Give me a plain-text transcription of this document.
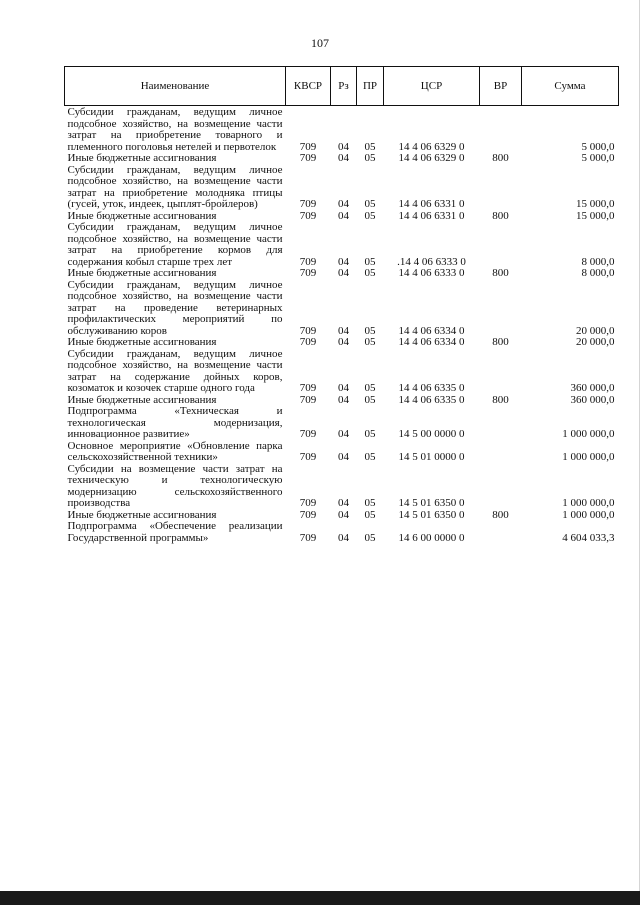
107
Наименование	КВСР	Рз	ПР	ЦСР	ВР	Сумма
Субсидии гражданам, ведущим личное подсобное хозяйство, на возмещение части затрат на приобретение товарного и племенного поголовья нетелей и первотелок	709	04	05	14 4 06 6329 0		5 000,0
Иные бюджетные ассигнования	709	04	05	14 4 06 6329 0	800	5 000,0
Субсидии гражданам, ведущим личное подсобное хозяйство, на возмещение части затрат на приобретение молодняка птицы (гусей, уток, индеек, цыплят-бройлеров)	709	04	05	14 4 06 6331 0		15 000,0
Иные бюджетные ассигнования	709	04	05	14 4 06 6331 0	800	15 000,0
Субсидии гражданам, ведущим личное подсобное хозяйство, на возмещение части затрат на приобретение кормов для содержания кобыл старше трех лет	709	04	05	.14 4 06 6333 0		8 000,0
Иные бюджетные ассигнования	709	04	05	14 4 06 6333 0	800	8 000,0
Субсидии гражданам, ведущим личное подсобное хозяйство, на возмещение части затрат на проведение ветеринарных профилактических мероприятий по обслуживанию коров	709	04	05	14 4 06 6334 0		20 000,0
Иные бюджетные ассигнования	709	04	05	14 4 06 6334 0	800	20 000,0
Субсидии гражданам, ведущим личное подсобное хозяйство, на возмещение части затрат на содержание дойных коров, козоматок и козочек старше одного года	709	04	05	14 4 06 6335 0		360 000,0
Иные бюджетные ассигнования	709	04	05	14 4 06 6335 0	800	360 000,0
Подпрограмма «Техническая и технологическая модернизация, инновационное развитие»	709	04	05	14 5 00 0000 0		1 000 000,0
Основное мероприятие «Обновление парка сельскохозяйственной техники»	709	04	05	14 5 01 0000 0		1 000 000,0
Субсидии на возмещение части затрат на техническую и технологическую модернизацию сельскохозяйственного производства	709	04	05	14 5 01 6350 0		1 000 000,0
Иные бюджетные ассигнования	709	04	05	14 5 01 6350 0	800	1 000 000,0
Подпрограмма «Обеспечение реализации Государственной программы»	709	04	05	14 6 00 0000 0		4 604 033,3
